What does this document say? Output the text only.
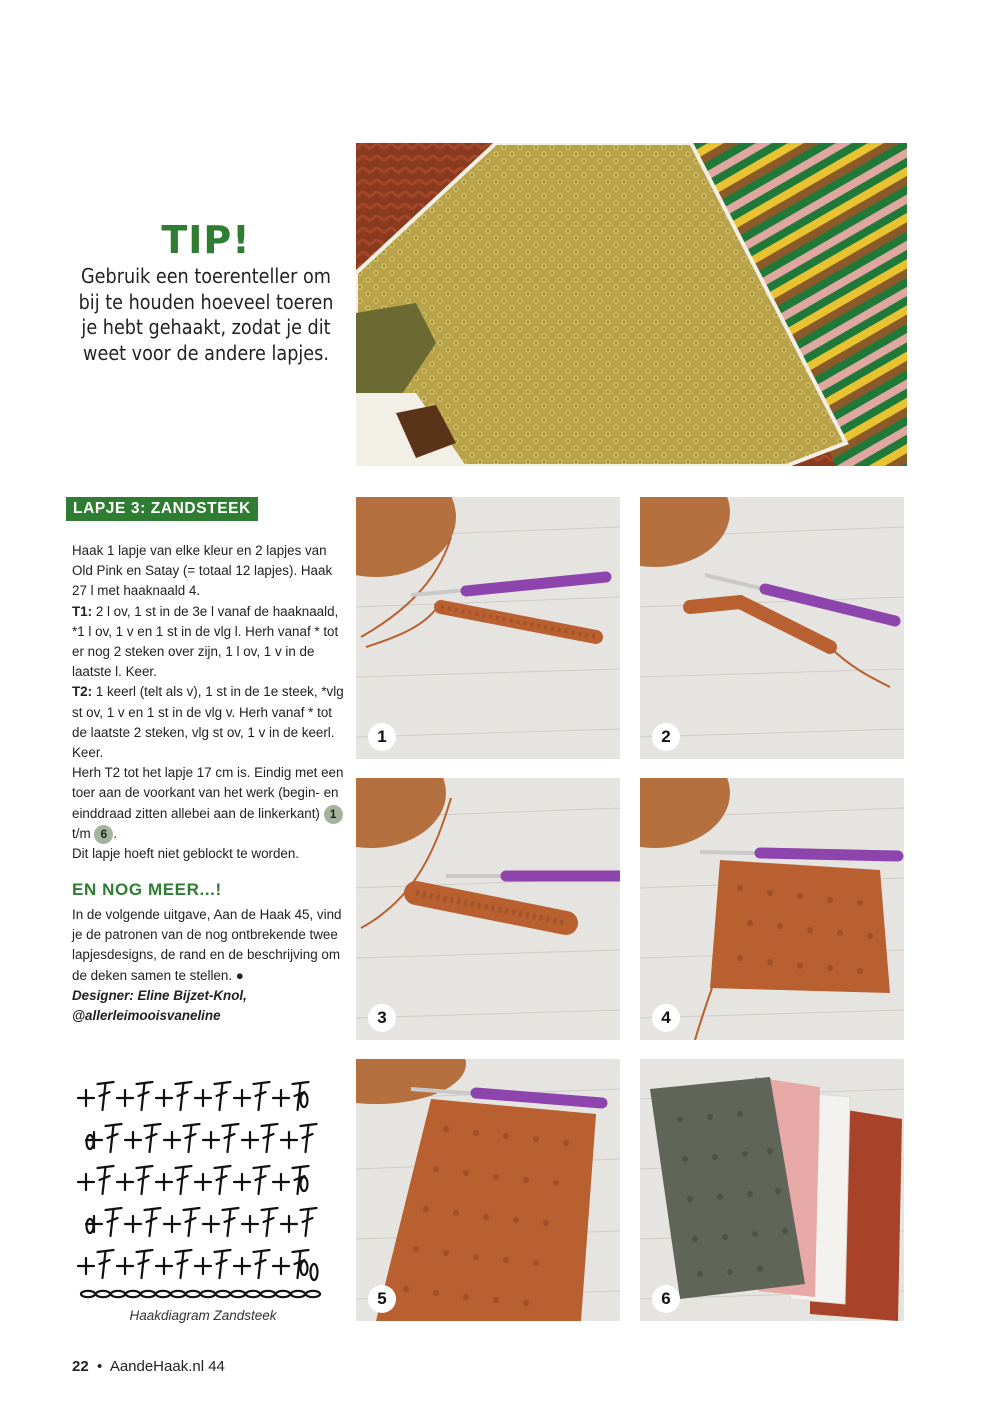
TIP!
Gebruik een toerenteller om bij te houden hoeveel toeren je hebt gehaakt, zodat je dit weet voor de andere lapjes.
LAPJE 3: ZANDSTEEK

Haak 1 lapje van elke kleur en 2 lapjes van Old Pink en Satay (= totaal 12 lapjes). Haak 27 l met haaknaald 4.

T1: 2 l ov, 1 st in de 3e l vanaf de haaknaald, *1 l ov, 1 v en 1 st in de vlg l. Herh vanaf * tot er nog 2 steken over zijn, 1 l ov, 1 v in de laatste l. Keer.

T2: 1 keerl (telt als v), 1 st in de 1e steek, *vlg st ov, 1 v en 1 st in de vlg v. Herh vanaf * tot de laatste 2 steken, vlg st ov, 1 v in de keerl. Keer.

Herh T2 tot het lapje 17 cm is. Eindig met een toer aan de voorkant van het werk (begin- en einddraad zitten allebei aan de linkerkant) 1 t/m 6 .

Dit lapje hoeft niet geblockt te worden.

EN NOG MEER...!

In de volgende uitgave, Aan de Haak 45, vind je de patronen van de nog ontbrekende twee lapjesdesigns, de rand en de beschrijving om de deken samen te stellen. ●

Designer: Eline Bijzet-Knol,

@allerleimooisvaneline

Haakdiagram Zandsteek
1	2
3	4
5	6
22 • AandeHaak.nl 44
